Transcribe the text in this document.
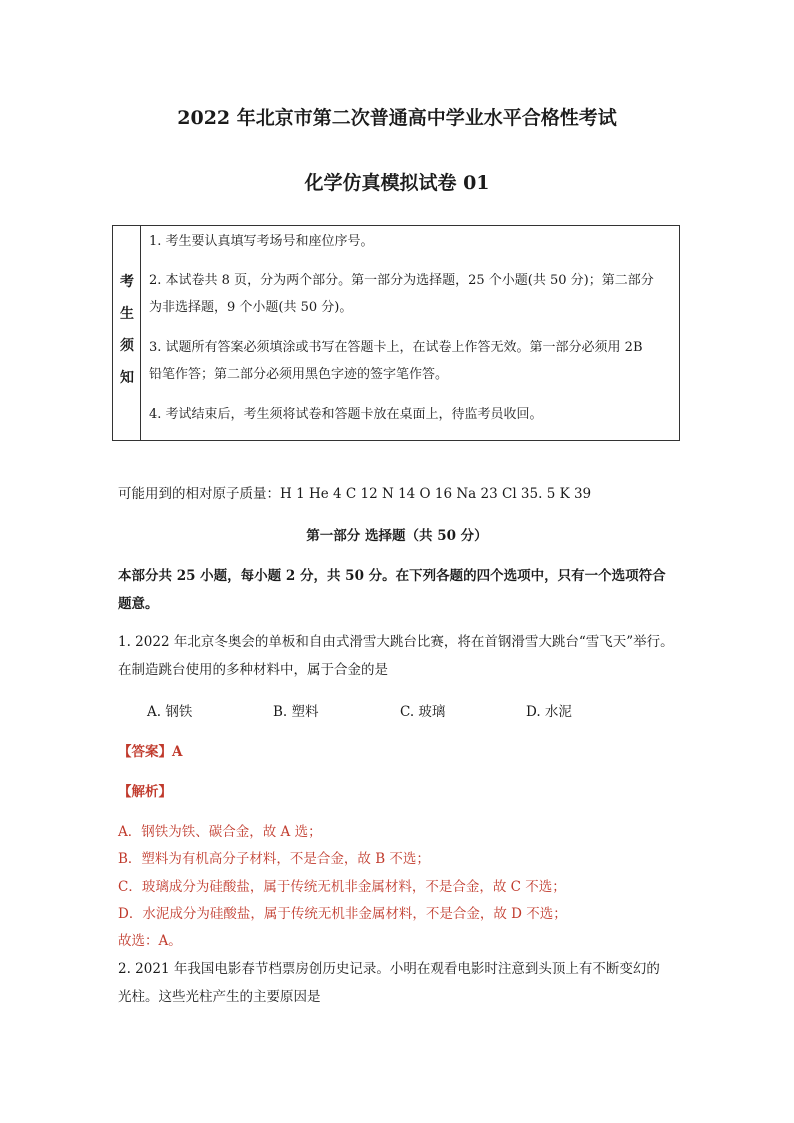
2022 年北京市第二次普通高中学业水平合格性考试
化学仿真模拟试卷 01
考
生
须
知
1. 考生要认真填写考场号和座位序号。
2. 本试卷共 8 页，分为两个部分。第一部分为选择题，25 个小题(共 50 分)；第二部分
为非选择题，9 个小题(共 50 分)。
3. 试题所有答案必须填涂或书写在答题卡上，在试卷上作答无效。第一部分必须用 2B
铅笔作答；第二部分必须用黑色字迹的签字笔作答。
4. 考试结束后，考生须将试卷和答题卡放在桌面上，待监考员收回。
可能用到的相对原子质量：H 1 He 4 C 12 N 14 O 16 Na 23 Cl 35. 5 K 39
第一部分 选择题（共 50 分）
本部分共 25 小题，每小题 2 分，共 50 分。在下列各题的四个选项中，只有一个选项符合
题意。
1. 2022 年北京冬奥会的单板和自由式滑雪大跳台比赛，将在首钢滑雪大跳台“雪飞天”举行。
在制造跳台使用的多种材料中，属于合金的是
A. 钢铁	B. 塑料	C. 玻璃	D. 水泥
【答案】A
【解析】
A．钢铁为铁、碳合金，故 A 选；
B．塑料为有机高分子材料，不是合金，故 B 不选；
C．玻璃成分为硅酸盐，属于传统无机非金属材料，不是合金，故 C 不选；
D．水泥成分为硅酸盐，属于传统无机非金属材料，不是合金，故 D 不选；
故选：A。
2. 2021 年我国电影春节档票房创历史记录。小明在观看电影时注意到头顶上有不断变幻的
光柱。这些光柱产生的主要原因是
